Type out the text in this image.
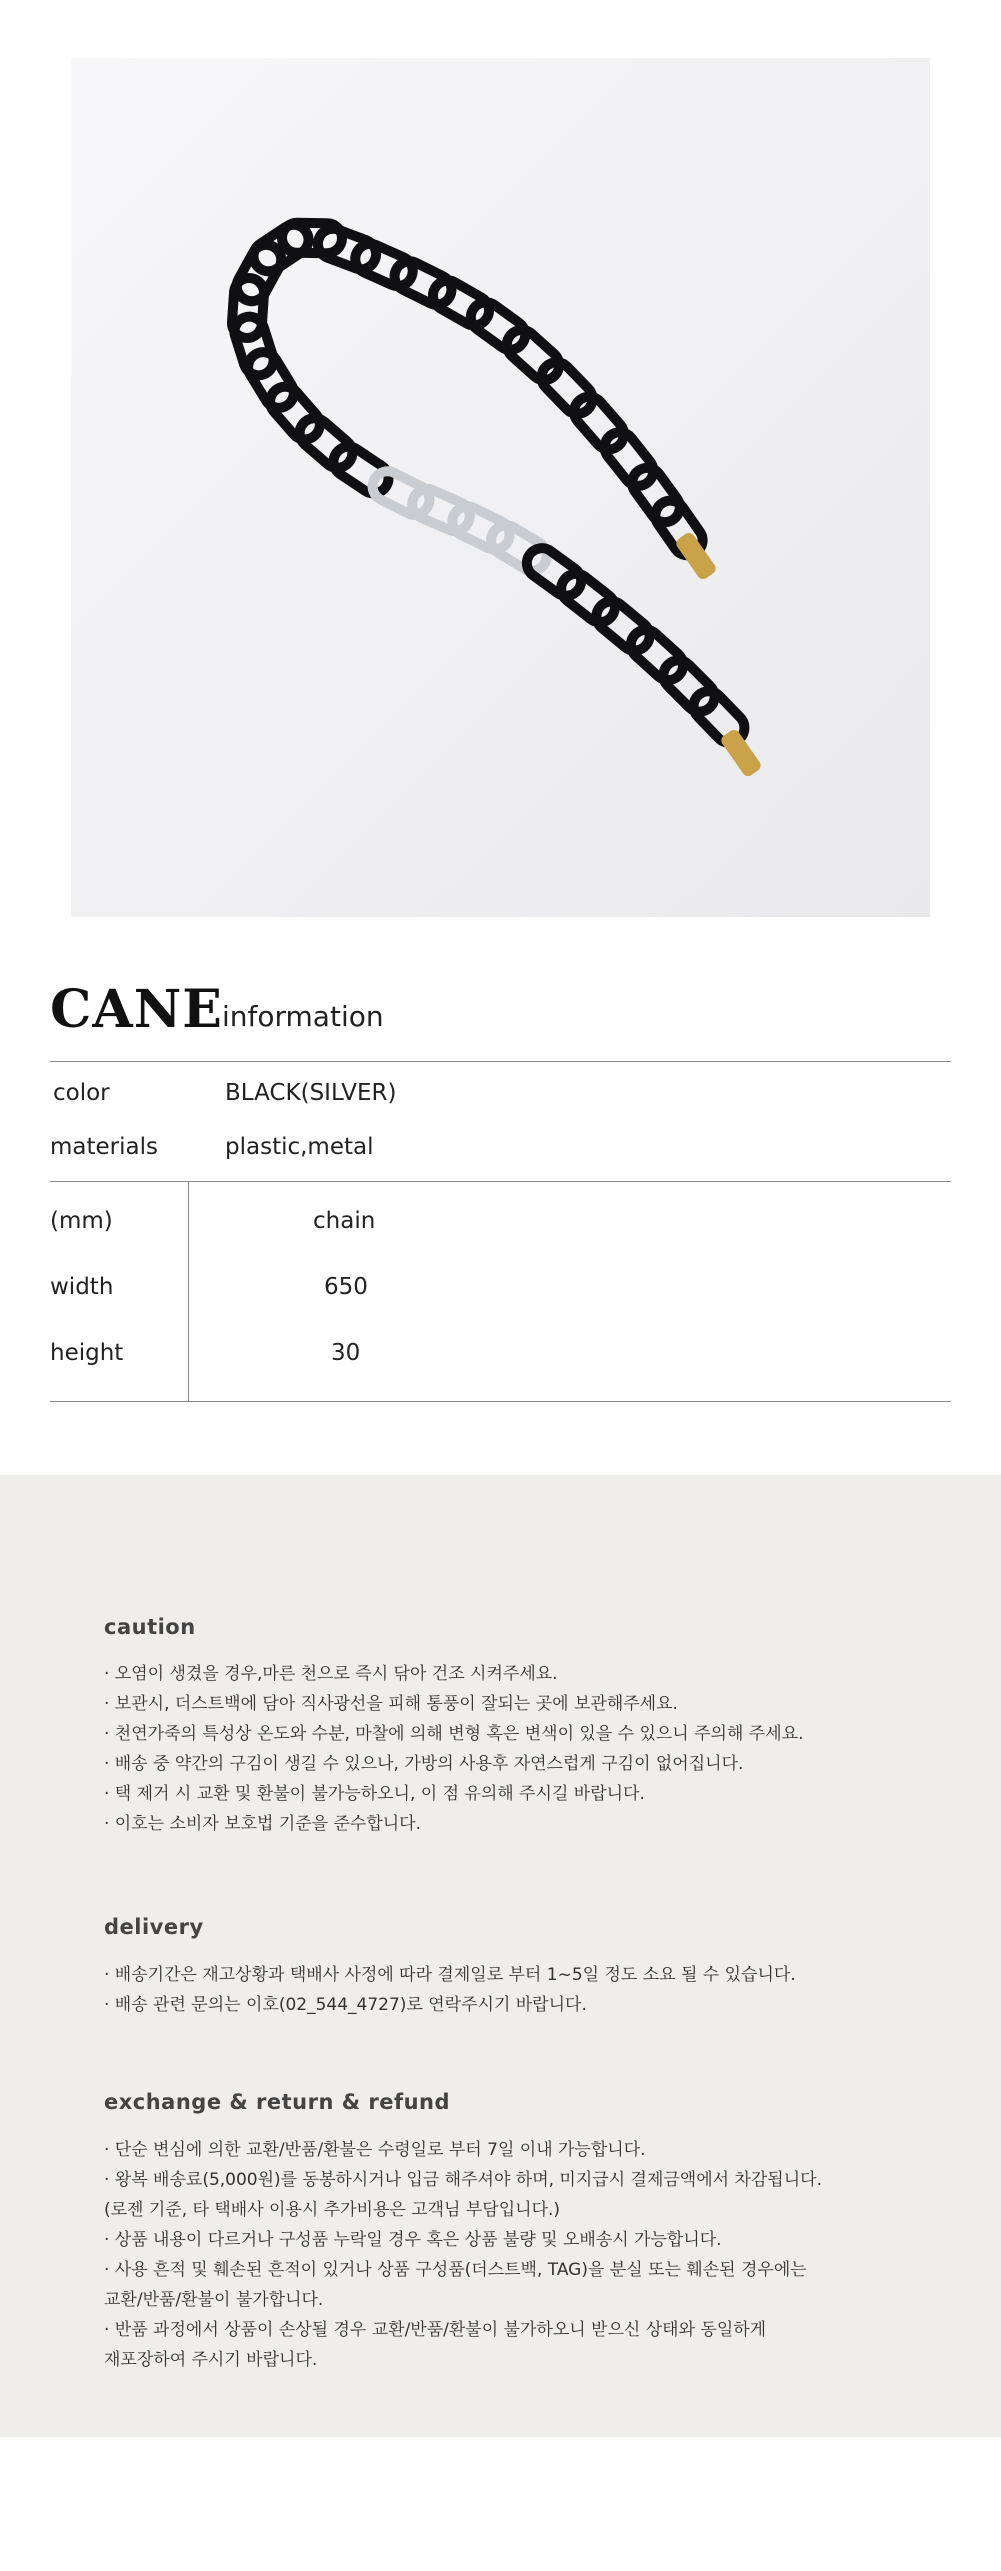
CANE information
color	BLACK(SILVER)
materials	plastic,metal
(mm)	chain
width	650
height	30
caution
· 오염이 생겼을 경우,마른 천으로 즉시 닦아 건조 시켜주세요.
· 보관시, 더스트백에 담아 직사광선을 피해 통풍이 잘되는 곳에 보관해주세요.
· 천연가죽의 특성상 온도와 수분, 마찰에 의해 변형 혹은 변색이 있을 수 있으니 주의해 주세요.
· 배송 중 약간의 구김이 생길 수 있으나, 가방의 사용후 자연스럽게 구김이 없어집니다.
· 택 제거 시 교환 및 환불이 불가능하오니, 이 점 유의해 주시길 바랍니다.
· 이호는 소비자 보호법 기준을 준수합니다.
delivery
· 배송기간은 재고상황과 택배사 사정에 따라 결제일로 부터 1~5일 정도 소요 될 수 있습니다.
· 배송 관련 문의는 이호(02_544_4727)로 연락주시기 바랍니다.
exchange & return & refund
· 단순 변심에 의한 교환/반품/환불은 수령일로 부터 7일 이내 가능합니다.
· 왕복 배송료(5,000원)를 동봉하시거나 입금 해주셔야 하며, 미지급시 결제금액에서 차감됩니다.
(로젠 기준, 타 택배사 이용시 추가비용은 고객님 부담입니다.)
· 상품 내용이 다르거나 구성품 누락일 경우 혹은 상품 불량 및 오배송시 가능합니다.
· 사용 흔적 및 훼손된 흔적이 있거나 상품 구성품(더스트백, TAG)을 분실 또는 훼손된 경우에는
교환/반품/환불이 불가합니다.
· 반품 과정에서 상품이 손상될 경우 교환/반품/환불이 불가하오니 받으신 상태와 동일하게
재포장하여 주시기 바랍니다.
